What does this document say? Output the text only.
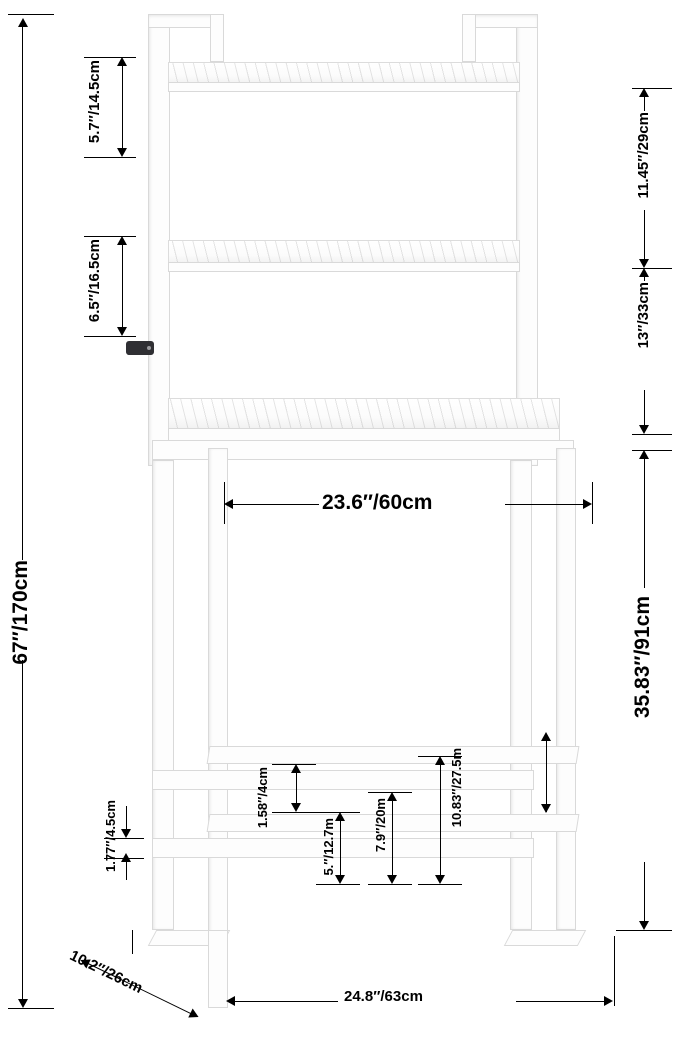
67″/170cm
5.7″/14.5cm
6.5″/16.5cm
11.45″/29cm
13″/33cm
23.6″/60cm
35.83″/91cm
1.77″/4.5cm
1.58″/4cm
5.″/12.7m	7.9″/20m	10.83″/27.5m
10.2″/26cm	24.8″/63cm
